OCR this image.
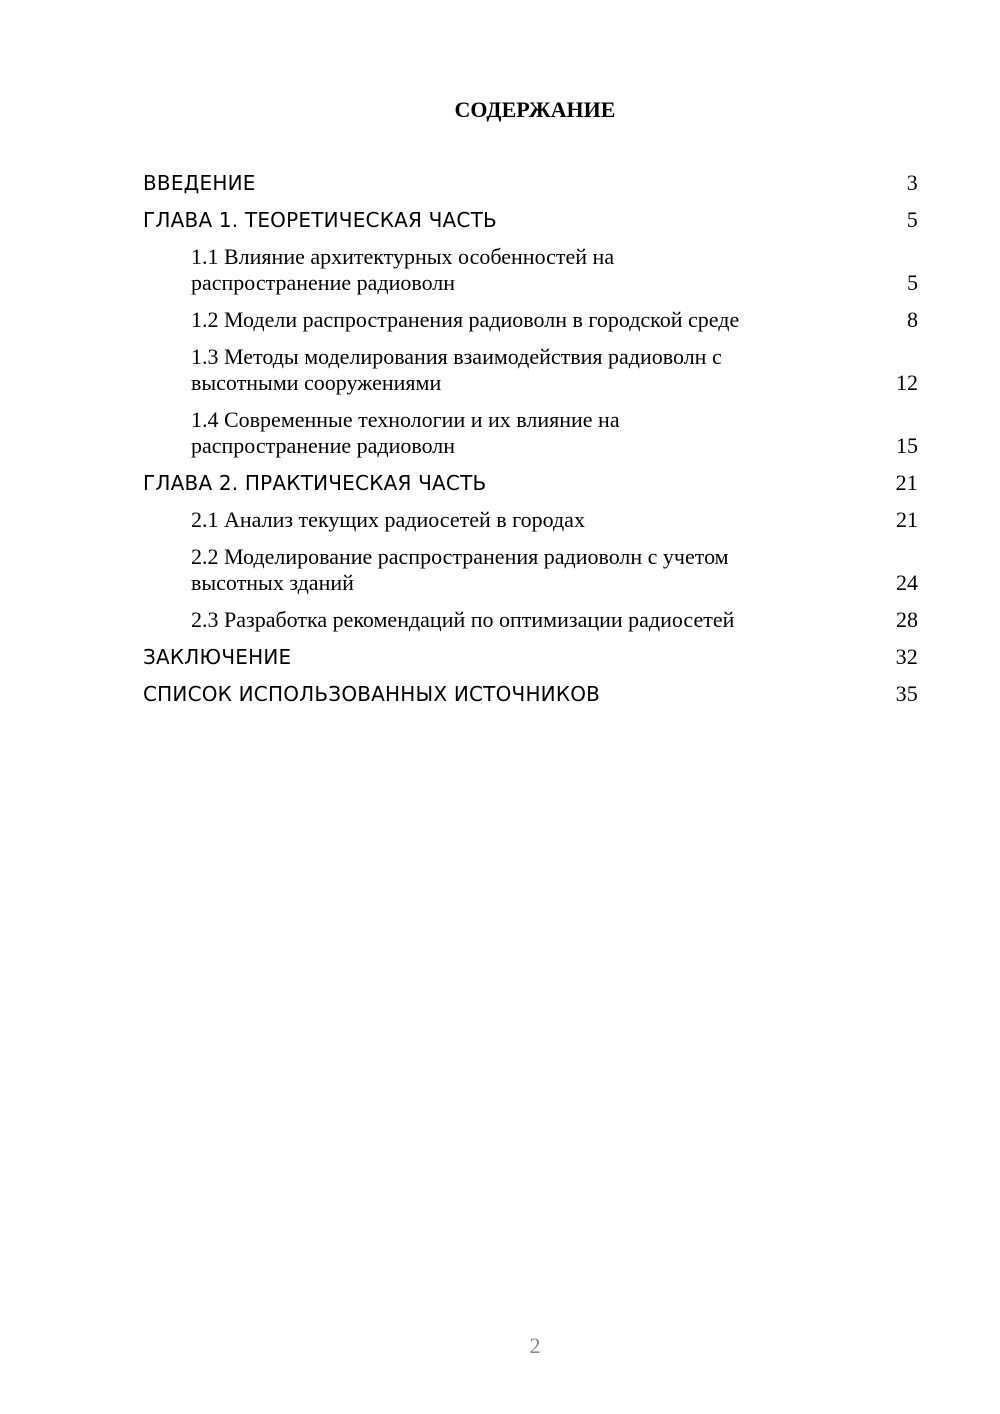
СОДЕРЖАНИЕ
ВВЕДЕНИЕ	3
ГЛАВА 1. ТЕОРЕТИЧЕСКАЯ ЧАСТЬ	5
1.1 Влияние архитектурных особенностей на
распространение радиоволн	5
1.2 Модели распространения радиоволн в городской среде	8
1.3 Методы моделирования взаимодействия радиоволн с
высотными сооружениями	12
1.4 Современные технологии и их влияние на
распространение радиоволн	15
ГЛАВА 2. ПРАКТИЧЕСКАЯ ЧАСТЬ	21
2.1 Анализ текущих радиосетей в городах	21
2.2 Моделирование распространения радиоволн с учетом
высотных зданий	24
2.3 Разработка рекомендаций по оптимизации радиосетей	28
ЗАКЛЮЧЕНИЕ	32
СПИСОК ИСПОЛЬЗОВАННЫХ ИСТОЧНИКОВ	35
2
